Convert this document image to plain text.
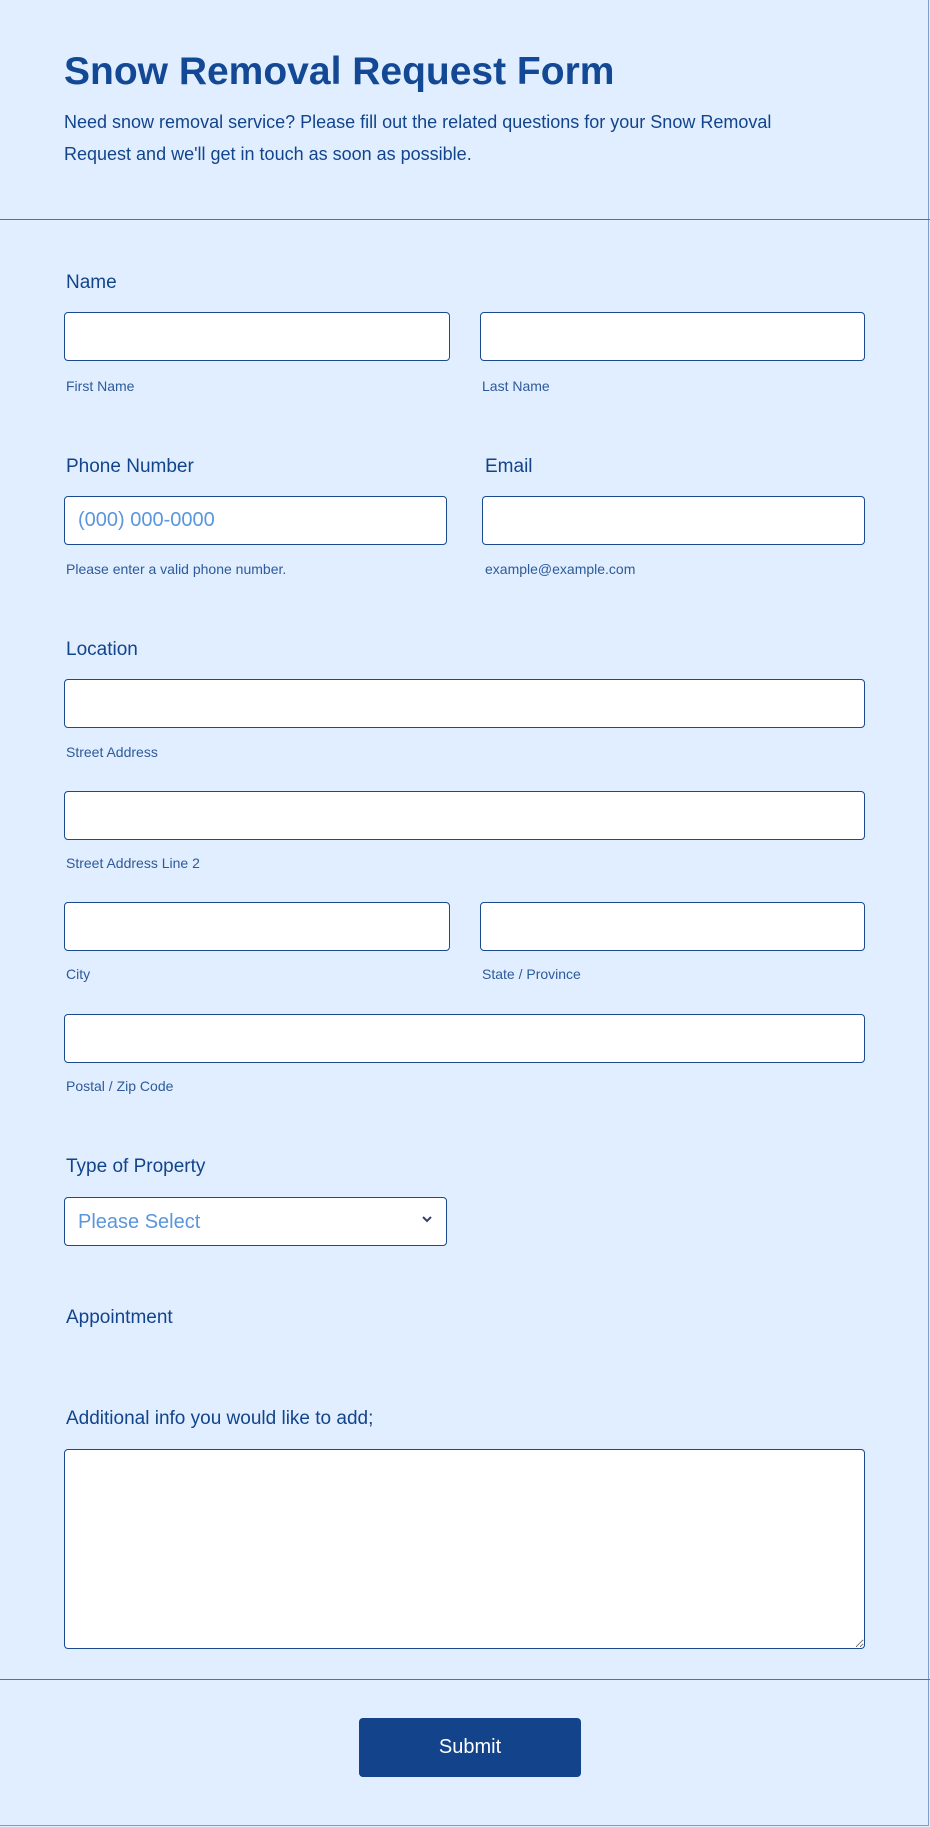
Snow Removal Request Form
Need snow removal service? Please fill out the related questions for your Snow Removal Request and we'll get in touch as soon as possible.
Name
First Name	Last Name
Phone Number	Email
(000) 000-0000
Please enter a valid phone number.	example@example.com
Location
Street Address
Street Address Line 2
City	State / Province
Postal / Zip Code
Type of Property
Please Select
Appointment
Additional info you would like to add;
Submit
